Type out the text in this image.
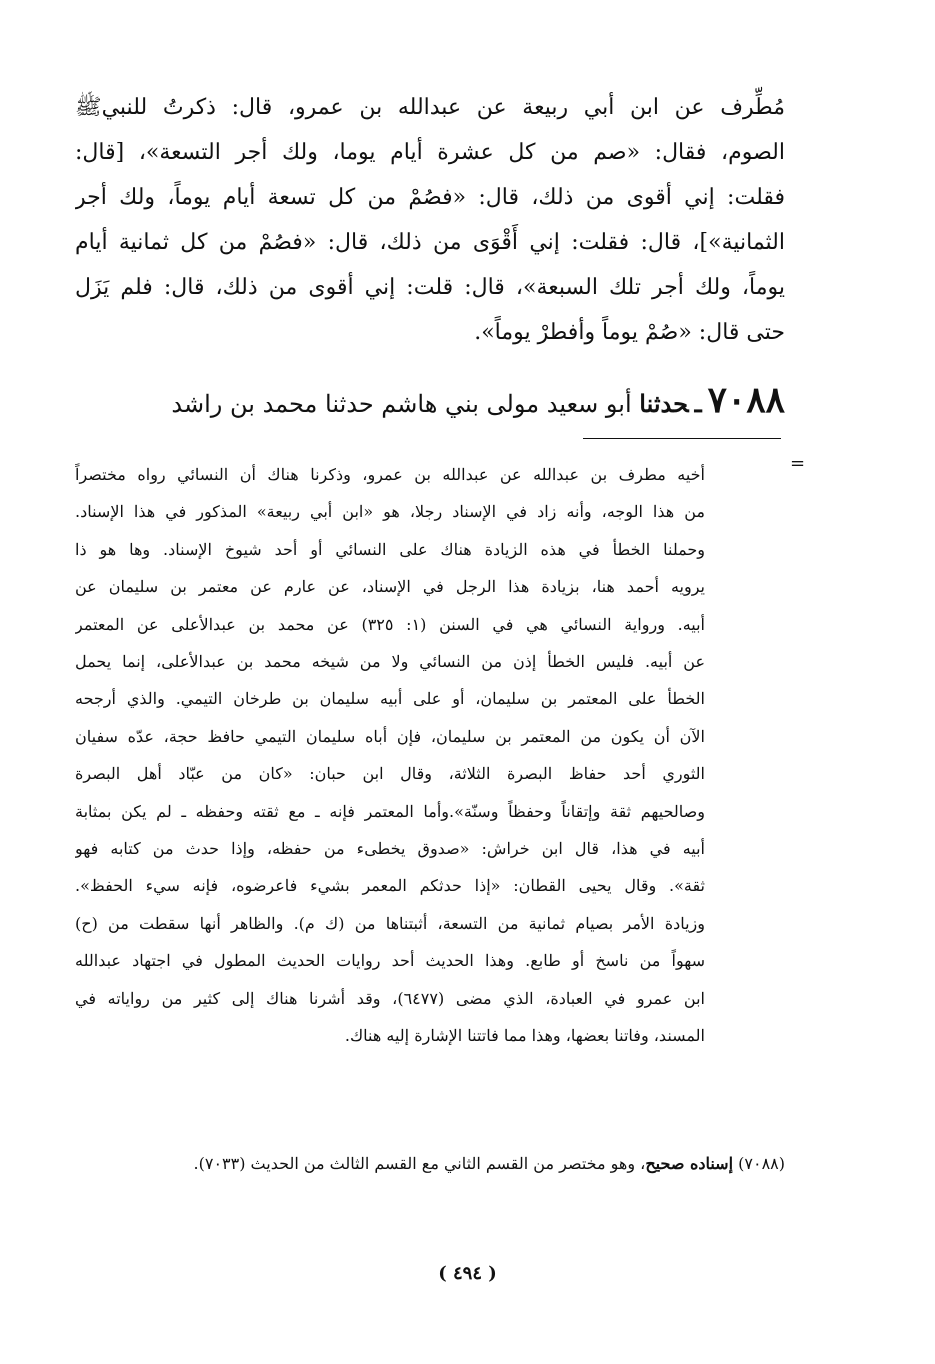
مُطِّرف عن ابن أبي ربيعة عن عبدالله بن عمرو، قال: ذكرتُ للنبيﷺ
الصوم، فقال: «صم من كل عشرة أيام يوما، ولك أجر التسعة»، [قال:
فقلت: إني أقوى من ذلك، قال: «فصُمْ من كل تسعة أيام يوماً، ولك أجر
الثمانية»]، قال: فقلت: إني أَقْوَى من ذلك، قال: «فصُمْ من كل ثمانية أيام
يوماً، ولك أجر تلك السبعة»، قال: قلت: إني أقوى من ذلك، قال: فلم يَزَل
حتى قال: «صُمْ يوماً وأفطرْ يوماً».
٧٠٨٨ـحدثنا أبو سعيد مولى بني هاشم حدثنا محمد بن راشد
=
أخيه مطرف بن عبدالله عن عبدالله بن عمرو، وذكرنا هناك أن النسائي رواه مختصراً
من هذا الوجه، وأنه زاد في الإسناد رجلا، هو «ابن أبي ربيعة» المذكور في هذا الإسناد.
وحملنا الخطأ في هذه الزيادة هناك على النسائي أو أحد شيوخ الإسناد. وها هو ذا
يرويه أحمد هنا، بزيادة هذا الرجل في الإسناد، عن عارم عن معتمر بن سليمان عن
أبيه. ورواية النسائي هي في السنن (١: ٣٢٥) عن محمد بن عبدالأعلى عن المعتمر
عن أبيه. فليس الخطأ إذن من النسائي ولا من شيخه محمد بن عبدالأعلى، إنما يحمل
الخطأ على المعتمر بن سليمان، أو على أبيه سليمان بن طرخان التيمي. والذي أرجحه
الآن أن يكون من المعتمر بن سليمان، فإن أباه سليمان التيمي حافظ حجة، عدّه سفيان
الثوري أحد حفاظ البصرة الثلاثة، وقال ابن حبان: «كان من عبّاد أهل البصرة
وصالحيهم ثقة وإتقاناً وحفظاً وسنّة».وأما المعتمر فإنه ـ مع ثقته وحفظه ـ لم يكن بمثابة
أبيه في هذا، قال ابن خراش: «صدوق يخطىء من حفظه، وإذا حدث من كتابه فهو
ثقة». وقال يحيى القطان: «إذا حدثكم المعمر بشيء فاعرضوه، فإنه سيء الحفظ».
وزيادة الأمر بصيام ثمانية من التسعة، أثبتناها من (ك م). والظاهر أنها سقطت من (ح)
سهواً من ناسخ أو طابع. وهذا الحديث أحد روايات الحديث المطول في اجتهاد عبدالله
ابن عمرو في العبادة، الذي مضى (٦٤٧٧)، وقد أشرنا هناك إلى كثير من رواياته في
المسند، وفاتنا بعضها، وهذا مما فاتتنا الإشارة إليه هناك.
(٧٠٨٨) إسناده صحيح، وهو مختصر من القسم الثاني مع القسم الثالث من الحديث (٧٠٣٣).
( ٤٩٤ )
